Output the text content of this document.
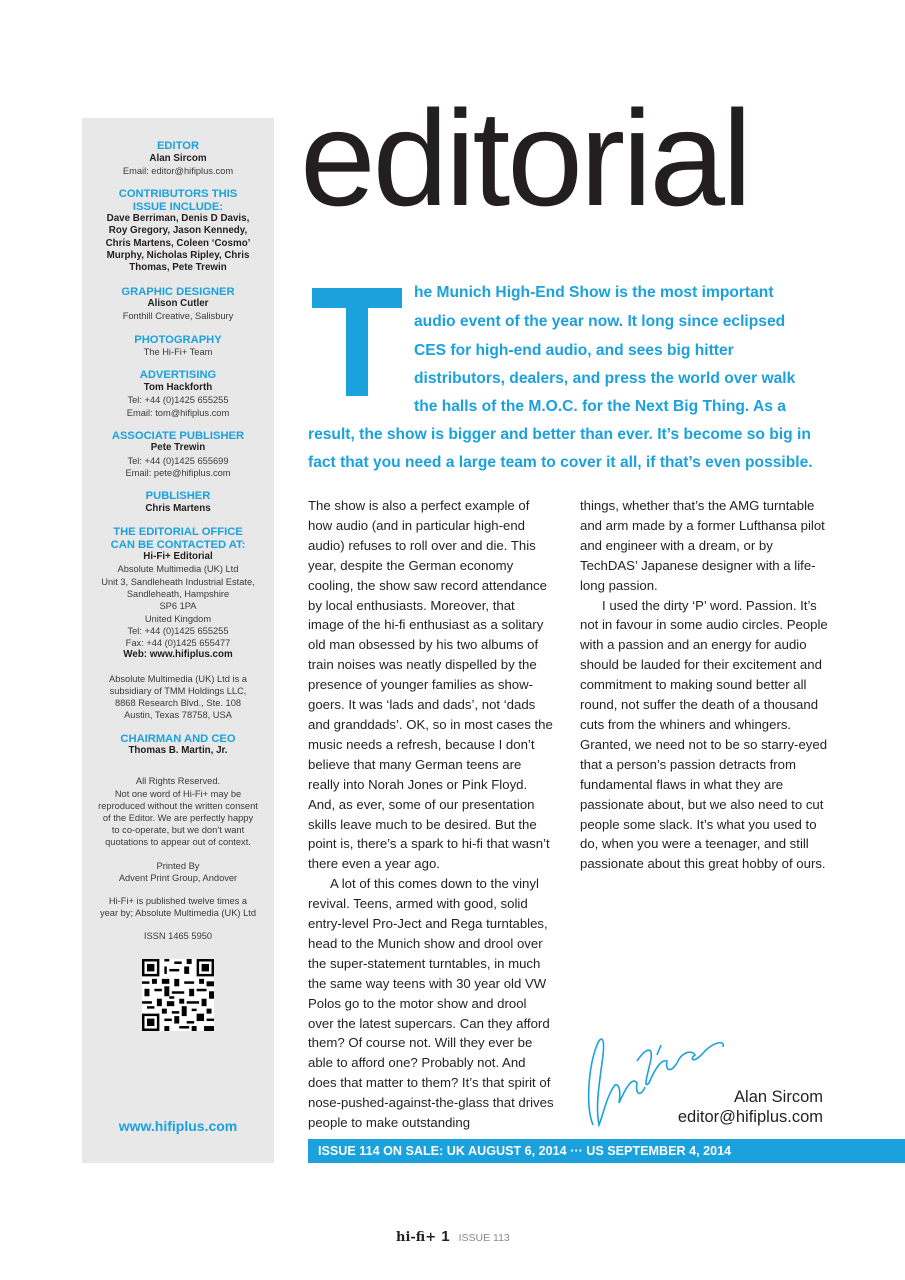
EDITOR
Alan Sircom
Email: editor@hifiplus.com
CONTRIBUTORS THIS
ISSUE INCLUDE:
Dave Berriman, Denis D Davis,
Roy Gregory, Jason Kennedy,
Chris Martens, Coleen ‘Cosmo’
Murphy, Nicholas Ripley, Chris
Thomas, Pete Trewin
GRAPHIC DESIGNER
Alison Cutler
Fonthill Creative, Salisbury
PHOTOGRAPHY
The Hi-Fi+ Team
ADVERTISING
Tom Hackforth
Tel: +44 (0)1425 655255
Email: tom@hifiplus.com
ASSOCIATE PUBLISHER
Pete Trewin
Tel: +44 (0)1425 655699
Email: pete@hifiplus.com
PUBLISHER
Chris Martens
THE EDITORIAL OFFICE
CAN BE CONTACTED AT:
Hi-Fi+ Editorial
Absolute Multimedia (UK) Ltd
Unit 3, Sandleheath Industrial Estate,
Sandleheath, Hampshire
SP6 1PA
United Kingdom
Tel: +44 (0)1425 655255
Fax: +44 (0)1425 655477
Web: www.hifiplus.com
Absolute Multimedia (UK) Ltd is a
subsidiary of TMM Holdings LLC,
8868 Research Blvd., Ste. 108
Austin, Texas 78758, USA
CHAIRMAN AND CEO
Thomas B. Martin, Jr.
All Rights Reserved.
Not one word of Hi-Fi+ may be
reproduced without the written consent
of the Editor. We are perfectly happy
to co-operate, but we don’t want
quotations to appear out of context.
Printed By
Advent Print Group, Andover
Hi-Fi+ is published twelve times a
year by; Absolute Multimedia (UK) Ltd
ISSN 1465 5950
www.hifiplus.com
editorial
he Munich High-End Show is the most important
audio event of the year now. It long since eclipsed
CES for high-end audio, and sees big hitter
distributors, dealers, and press the world over walk
the halls of the M.O.C. for the Next Big Thing. As a
result, the show is bigger and better than ever. It’s become so big in
fact that you need a large team to cover it all, if that’s even possible.

The show is also a perfect example of how audio (and in particular high-end audio) refuses to roll over and die. This year, despite the German economy cooling, the show saw record attendance by local enthusiasts. Moreover, that image of the hi-fi enthusiast as a solitary old man obsessed by his two albums of train noises was neatly dispelled by the presence of younger families as show-goers. It was ‘lads and dads’, not ‘dads and granddads’. OK, so in most cases the music needs a refresh, because I don’t believe that many German teens are really into Norah Jones or Pink Floyd. And, as ever, some of our presentation skills leave much to be desired. But the point is, there’s a spark to hi-fi that wasn’t there even a year ago.

A lot of this comes down to the vinyl revival. Teens, armed with good, solid entry-level Pro-Ject and Rega turntables, head to the Munich show and drool over the super-statement turntables, in much the same way teens with 30 year old VW Polos go to the motor show and drool over the latest supercars. Can they afford them? Of course not. Will they ever be able to afford one? Probably not. And does that matter to them? It’s that spirit of nose-pushed-against-the-glass that drives people to make outstanding

things, whether that’s the AMG turntable and arm made by a former Lufthansa pilot and engineer with a dream, or by TechDAS’ Japanese designer with a life-long passion.

I used the dirty ‘P’ word. Passion. It’s not in favour in some audio circles. People with a passion and an energy for audio should be lauded for their excitement and commitment to making sound better all round, not suffer the death of a thousand cuts from the whiners and whingers. Granted, we need not to be so starry-eyed that a person’s passion detracts from fundamental flaws in what they are passionate about, but we also need to cut people some slack. It’s what you used to do, when you were a teenager, and still passionate about this great hobby of ours.

Alan Sircom
editor@hifiplus.com
ISSUE 114 ON SALE: UK AUGUST 6, 2014 ··· US SEPTEMBER 4, 2014
hi-fi+ 1 ISSUE 113
